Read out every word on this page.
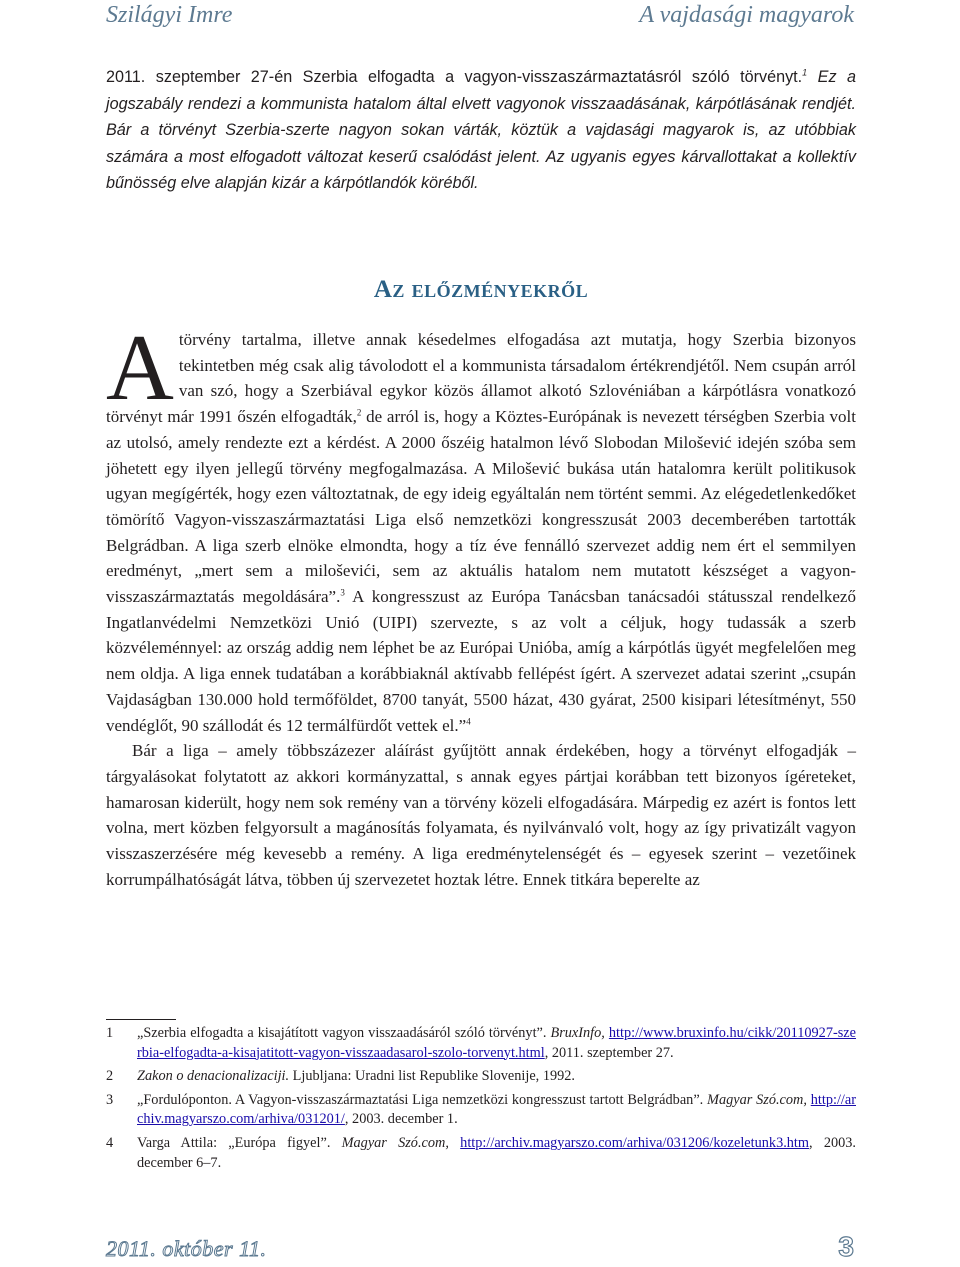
Szilágyi Imre	A vajdasági magyarok

2011. szeptember 27-én Szerbia elfogadta a vagyon-visszaszármaztatásról szóló törvényt.$^1$ Ez a jogszabály rendezi a kommunista hatalom által elvett vagyonok visszaadásának, kárpótlásának rendjét. Bár a törvényt Szerbia-szerte nagyon sokan várták, köztük a vajdasági magyarok is, az utóbbiak számára a most elfogadott változat keserű csalódást jelent. Az ugyanis egyes kárvallottakat a kollektív bűnösség elve alapján kizár a kárpótlandók köréből.

Az előzményekről

A törvény tartalma, illetve annak késedelmes elfogadása azt mutatja, hogy Szerbia bizonyos tekintetben még csak alig távolodott el a kommunista társadalom értékrendjétől. Nem csupán arról van szó, hogy a Szerbiával egykor közös államot alkotó Szlovéniában a kárpótlásra vonatkozó törvényt már 1991 őszén elfogadták,$^2$ de arról is, hogy a Köztes-Európának is nevezett térségben Szerbia volt az utolsó, amely rendezte ezt a kérdést. A 2000 őszéig hatalmon lévő Slobodan Milošević idején szóba sem jöhetett egy ilyen jellegű törvény megfogalmazása. A Milošević bukása után hatalomra került politikusok ugyan megígérték, hogy ezen változtatnak, de egy ideig egyáltalán nem történt semmi. Az elégedetlenkedőket tömörítő Vagyon-visszaszármaztatási Liga első nemzetközi kongresszusát 2003 decemberében tartották Belgrádban. A liga szerb elnöke elmondta, hogy a tíz éve fennálló szervezet addig nem ért el semmilyen eredményt, „mert sem a miloševići, sem az aktuális hatalom nem mutatott készséget a vagyon-visszaszármaztatás megoldására”.$^3$ A kongresszust az Európa Tanácsban tanácsadói státusszal rendelkező Ingatlanvédelmi Nemzetközi Unió (UIPI) szervezte, s az volt a céljuk, hogy tudassák a szerb közvéleménnyel: az ország addig nem léphet be az Európai Unióba, amíg a kárpótlás ügyét megfelelően meg nem oldja. A liga ennek tudatában a korábbiaknál aktívabb fellépést ígért. A szervezet adatai szerint „csupán Vajdaságban 130.000 hold termőföldet, 8700 tanyát, 5500 házat, 430 gyárat, 2500 kisipari létesítményt, 550 vendéglőt, 90 szállodát és 12 termálfürdőt vettek el.”$^4$

Bár a liga – amely többszázezer aláírást gyűjtött annak érdekében, hogy a törvényt elfogadják – tárgyalásokat folytatott az akkori kormányzattal, s annak egyes pártjai korábban tett bizonyos ígéreteket, hamarosan kiderült, hogy nem sok remény van a törvény közeli elfogadására. Márpedig ez azért is fontos lett volna, mert közben felgyorsult a magánosítás folyamata, és nyilvánvaló volt, hogy az így privatizált vagyon visszaszerzésére még kevesebb a remény. A liga eredménytelenségét és – egyesek szerint – vezetőinek korrumpálhatóságát látva, többen új szervezetet hoztak létre. Ennek titkára beperelte az

1 „Szerbia elfogadta a kisajátított vagyon visszaadásáról szóló törvényt”. BruxInfo, http://www.bruxinfo.hu/cikk/20110927-szerbia-elfogadta-a-kisajatitott-vagyon-visszaadasarol-szolo-torvenyt.html, 2011. szeptember 27.
2 Zakon o denacionalizaciji. Ljubljana: Uradni list Republike Slovenije, 1992.
3 „Fordulóponton. A Vagyon-visszaszármaztatási Liga nemzetközi kongresszust tartott Belgrádban”. Magyar Szó.com, http://archiv.magyarszo.com/arhiva/031201/, 2003. december 1.
4 Varga Attila: „Európa figyel”. Magyar Szó.com, http://archiv.magyarszo.com/arhiva/031206/kozeletunk3.htm, 2003. december 6–7.
2011. október 11.	3
